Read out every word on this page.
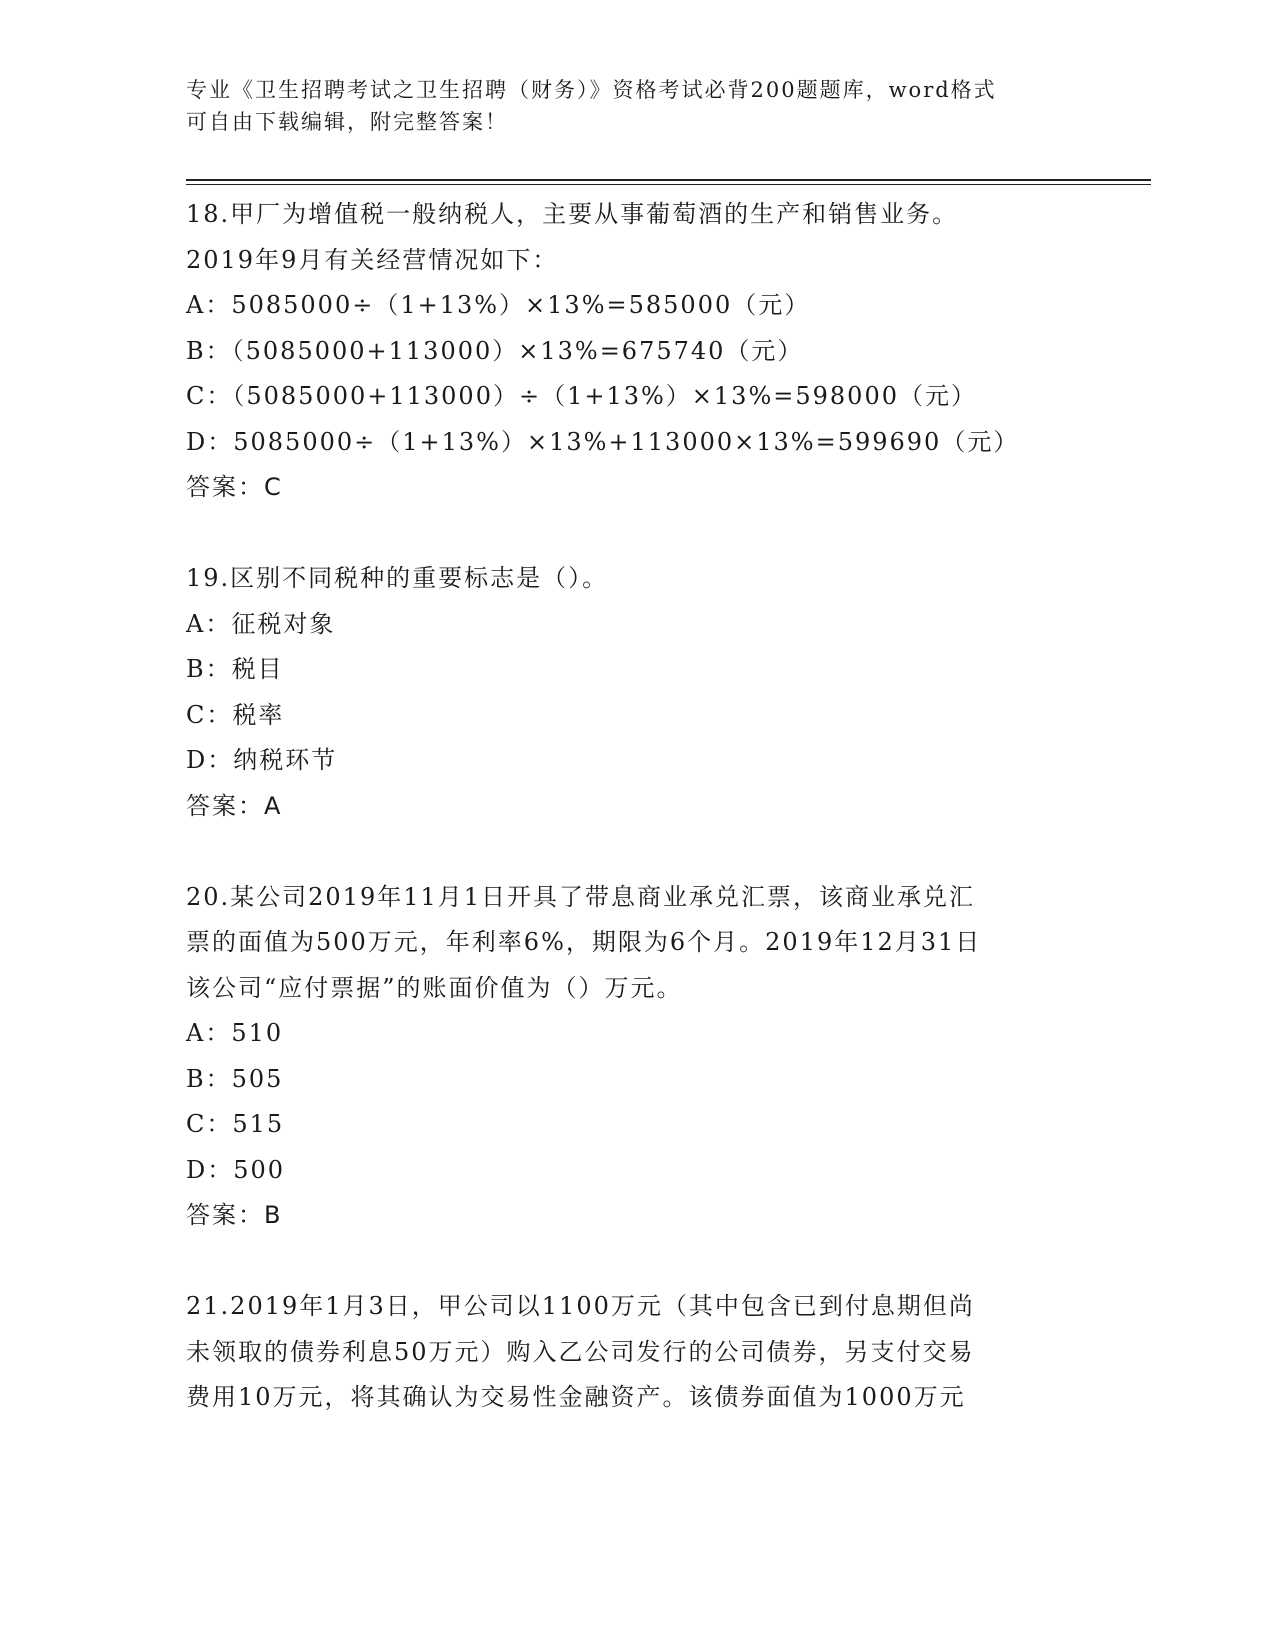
专业《卫生招聘考试之卫生招聘（财务）》资格考试必背200题题库，word格式
可自由下载编辑，附完整答案！
18.甲厂为增值税一般纳税人，主要从事葡萄酒的生产和销售业务。
2019年9月有关经营情况如下：
A：5085000÷（1+13%）×13%=585000（元）
B：（5085000+113000）×13%=675740（元）
C：（5085000+113000）÷（1+13%）×13%=598000（元）
D：5085000÷（1+13%）×13%+113000×13%=599690（元）
答案：C
19.区别不同税种的重要标志是（）。
A：征税对象
B：税目
C：税率
D：纳税环节
答案：A
20.某公司2019年11月1日开具了带息商业承兑汇票，该商业承兑汇
票的面值为500万元，年利率6%，期限为6个月。2019年12月31日
该公司“应付票据”的账面价值为（）万元。
A：510
B：505
C：515
D：500
答案：B
21.2019年1月3日，甲公司以1100万元（其中包含已到付息期但尚
未领取的债券利息50万元）购入乙公司发行的公司债券，另支付交易
费用10万元，将其确认为交易性金融资产。该债券面值为1000万元
